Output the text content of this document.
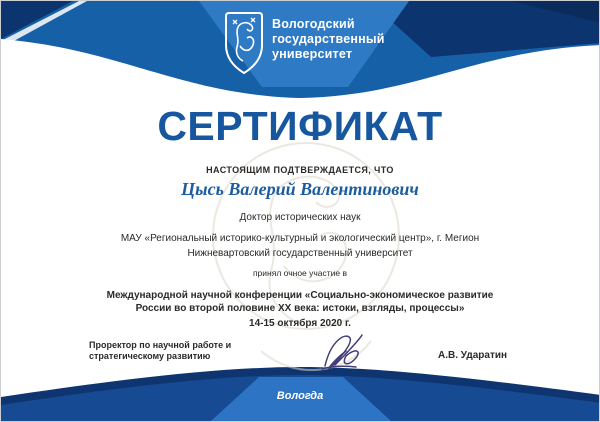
Вологодский
государственный
университет
СЕРТИФИКАТ
НАСТОЯЩИМ ПОДТВЕРЖДАЕТСЯ, ЧТО
Цысь Валерий Валентинович
Доктор исторических наук
МАУ «Региональный историко-культурный и экологический центр», г. Мегион
Нижневартовский государственный университет
принял очное участие в
Международной научной конференции «Социально-экономическое развитие
России во второй половине XX века: истоки, взгляды, процессы»
14-15 октября 2020 г.
Проректор по научной работе и
стратегическому развитию	А.В. Ударатин
Вологда
